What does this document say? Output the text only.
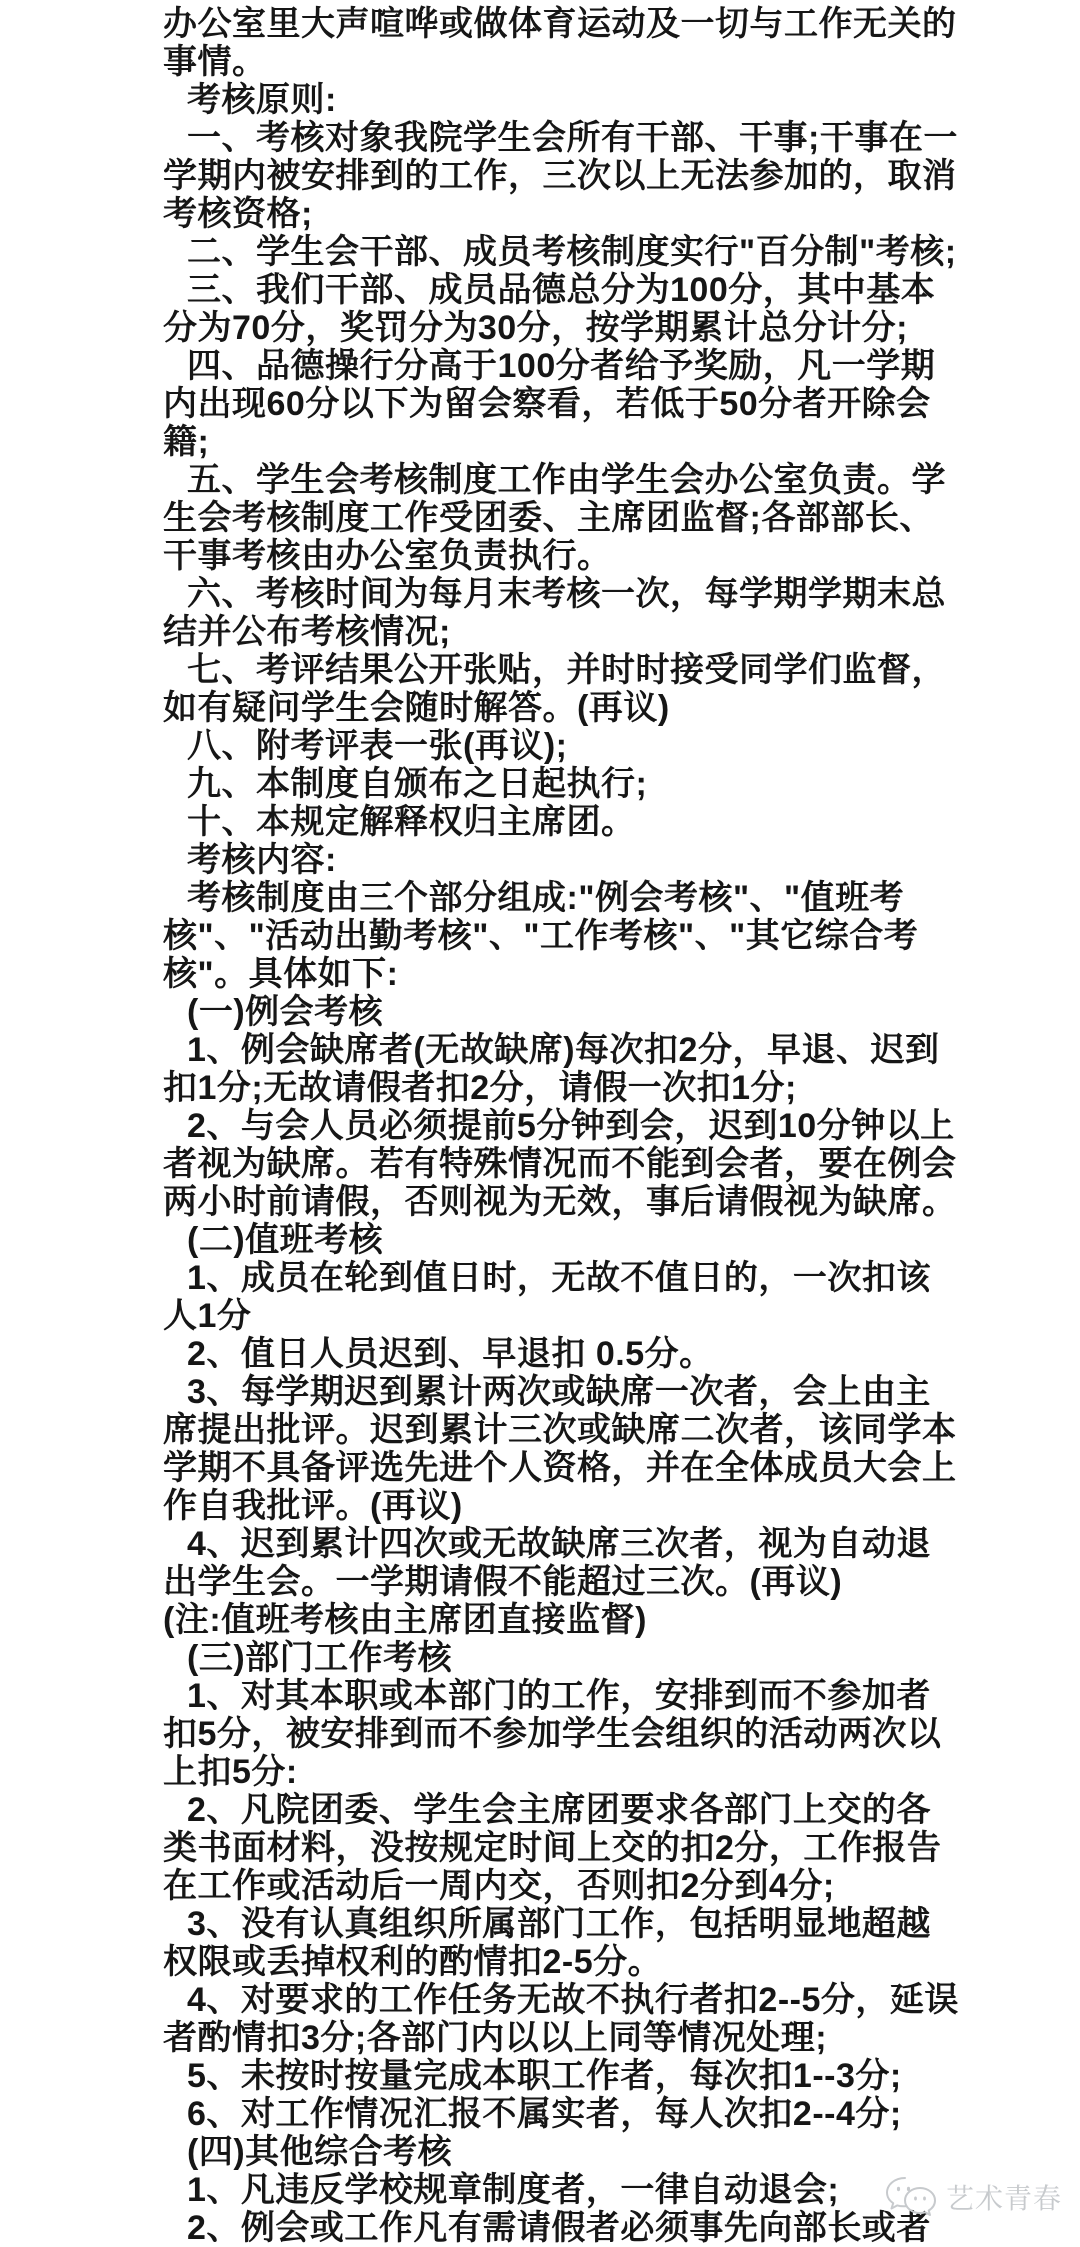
办公室里大声喧哗或做体育运动及一切与工作无关的
事情。
考核原则:
一、考核对象我院学生会所有干部、干事;干事在一
学期内被安排到的工作，三次以上无法参加的，取消
考核资格;
二、学生会干部、成员考核制度实行"百分制"考核;
三、我们干部、成员品德总分为100分，其中基本
分为70分，奖罚分为30分，按学期累计总分计分;
四、品德操行分高于100分者给予奖励，凡一学期
内出现60分以下为留会察看，若低于50分者开除会
籍;
五、学生会考核制度工作由学生会办公室负责。学
生会考核制度工作受团委、主席团监督;各部部长、
干事考核由办公室负责执行。
六、考核时间为每月末考核一次，每学期学期末总
结并公布考核情况;
七、考评结果公开张贴，并时时接受同学们监督，
如有疑问学生会随时解答。(再议)
八、附考评表一张(再议);
九、本制度自颁布之日起执行;
十、本规定解释权归主席团。
考核内容:
考核制度由三个部分组成:"例会考核"、"值班考
核"、"活动出勤考核"、"工作考核"、"其它综合考
核"。具体如下:
(一)例会考核
1、例会缺席者(无故缺席)每次扣2分，早退、迟到
扣1分;无故请假者扣2分，请假一次扣1分;
2、与会人员必须提前5分钟到会，迟到10分钟以上
者视为缺席。若有特殊情况而不能到会者，要在例会
两小时前请假，否则视为无效，事后请假视为缺席。
(二)值班考核
1、成员在轮到值日时，无故不值日的，一次扣该
人1分
2、值日人员迟到、早退扣 0.5分。
3、每学期迟到累计两次或缺席一次者，会上由主
席提出批评。迟到累计三次或缺席二次者，该同学本
学期不具备评选先进个人资格，并在全体成员大会上
作自我批评。(再议)
4、迟到累计四次或无故缺席三次者，视为自动退
出学生会。一学期请假不能超过三次。(再议)
(注:值班考核由主席团直接监督)
(三)部门工作考核
1、对其本职或本部门的工作，安排到而不参加者
扣5分，被安排到而不参加学生会组织的活动两次以
上扣5分:
2、凡院团委、学生会主席团要求各部门上交的各
类书面材料，没按规定时间上交的扣2分，工作报告
在工作或活动后一周内交，否则扣2分到4分;
3、没有认真组织所属部门工作，包括明显地超越
权限或丢掉权利的酌情扣2-5分。
4、对要求的工作任务无故不执行者扣2--5分，延误
者酌情扣3分;各部门内以以上同等情况处理;
5、未按时按量完成本职工作者，每次扣1--3分;
6、对工作情况汇报不属实者，每人次扣2--4分;
(四)其他综合考核
1、凡违反学校规章制度者，一律自动退会;
2、例会或工作凡有需请假者必须事先向部长或者
艺术青春
